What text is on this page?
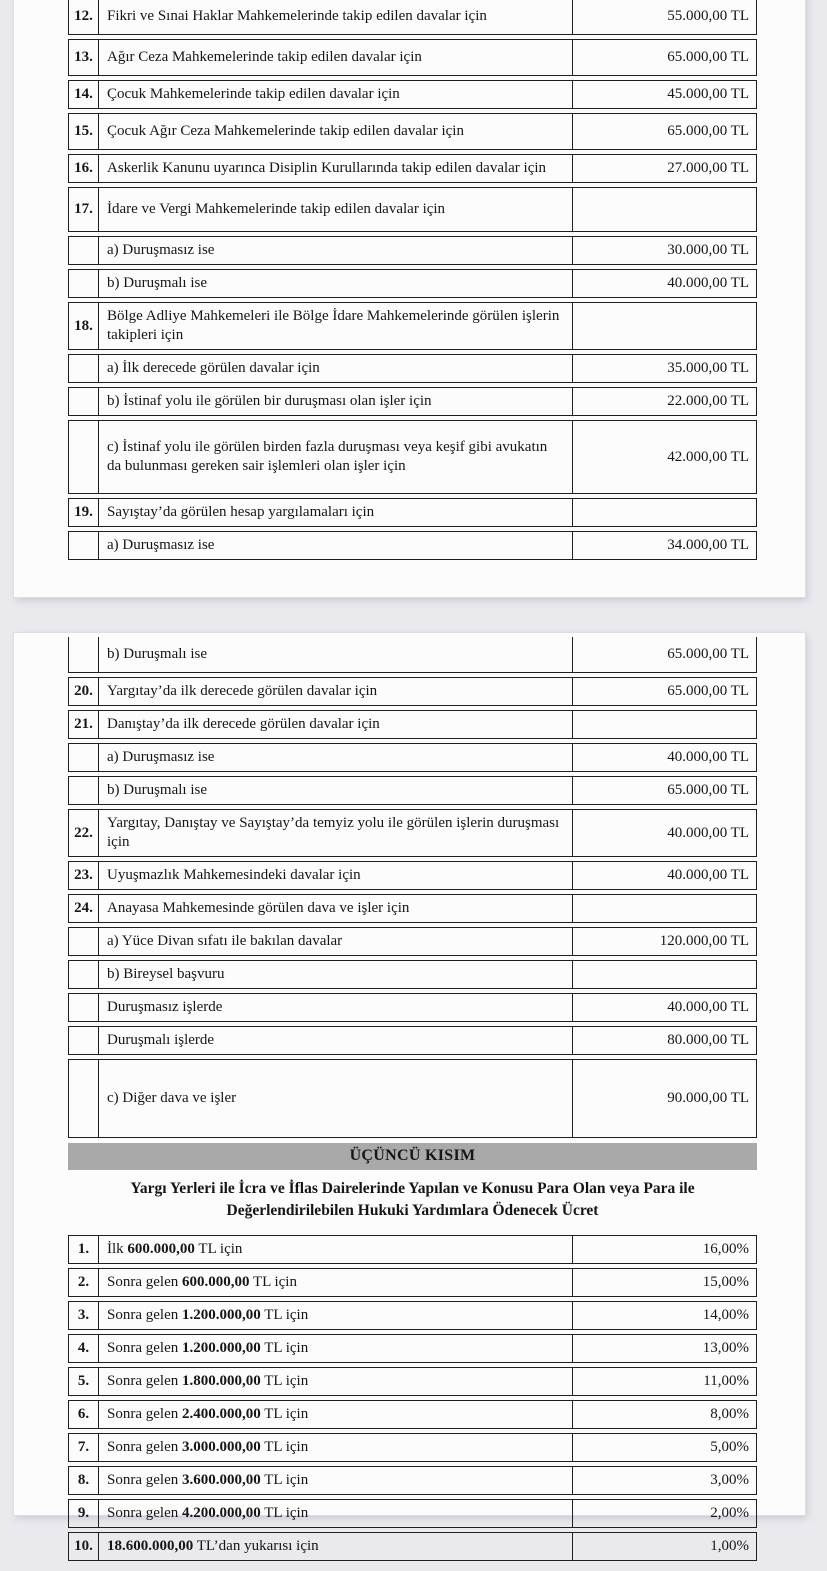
12.	Fikri ve Sınai Haklar Mahkemelerinde takip edilen davalar için	55.000,00 TL
13.	Ağır Ceza Mahkemelerinde takip edilen davalar için	65.000,00 TL
14.	Çocuk Mahkemelerinde takip edilen davalar için	45.000,00 TL
15.	Çocuk Ağır Ceza Mahkemelerinde takip edilen davalar için	65.000,00 TL
16.	Askerlik Kanunu uyarınca Disiplin Kurullarında takip edilen davalar için	27.000,00 TL
17.	İdare ve Vergi Mahkemelerinde takip edilen davalar için	
	a) Duruşmasız ise	30.000,00 TL
	b) Duruşmalı ise	40.000,00 TL
18.	Bölge Adliye Mahkemeleri ile Bölge İdare Mahkemelerinde görülen işlerin takipleri için	
	a) İlk derecede görülen davalar için	35.000,00 TL
	b) İstinaf yolu ile görülen bir duruşması olan işler için	22.000,00 TL
	c) İstinaf yolu ile görülen birden fazla duruşması veya keşif gibi avukatın da bulunması gereken sair işlemleri olan işler için	42.000,00 TL
19.	Sayıştay’da görülen hesap yargılamaları için	
	a) Duruşmasız ise	34.000,00 TL
	b) Duruşmalı ise	65.000,00 TL
20.	Yargıtay’da ilk derecede görülen davalar için	65.000,00 TL
21.	Danıştay’da ilk derecede görülen davalar için	
	a) Duruşmasız ise	40.000,00 TL
	b) Duruşmalı ise	65.000,00 TL
22.	Yargıtay, Danıştay ve Sayıştay’da temyiz yolu ile görülen işlerin duruşması için	40.000,00 TL
23.	Uyuşmazlık Mahkemesindeki davalar için	40.000,00 TL
24.	Anayasa Mahkemesinde görülen dava ve işler için	
	a) Yüce Divan sıfatı ile bakılan davalar	120.000,00 TL
	b) Bireysel başvuru	
	Duruşmasız işlerde	40.000,00 TL
	Duruşmalı işlerde	80.000,00 TL
	c) Diğer dava ve işler	90.000,00 TL
ÜÇÜNCÜ KISIM
Yargı Yerleri ile İcra ve İflas Dairelerinde Yapılan ve Konusu Para Olan veya Para ile Değerlendirilebilen Hukuki Yardımlara Ödenecek Ücret
1.	İlk 600.000,00 TL için	16,00%
2.	Sonra gelen 600.000,00 TL için	15,00%
3.	Sonra gelen 1.200.000,00 TL için	14,00%
4.	Sonra gelen 1.200.000,00 TL için	13,00%
5.	Sonra gelen 1.800.000,00 TL için	11,00%
6.	Sonra gelen 2.400.000,00 TL için	8,00%
7.	Sonra gelen 3.000.000,00 TL için	5,00%
8.	Sonra gelen 3.600.000,00 TL için	3,00%
9.	Sonra gelen 4.200.000,00 TL için	2,00%
10.	18.600.000,00 TL’dan yukarısı için	1,00%
